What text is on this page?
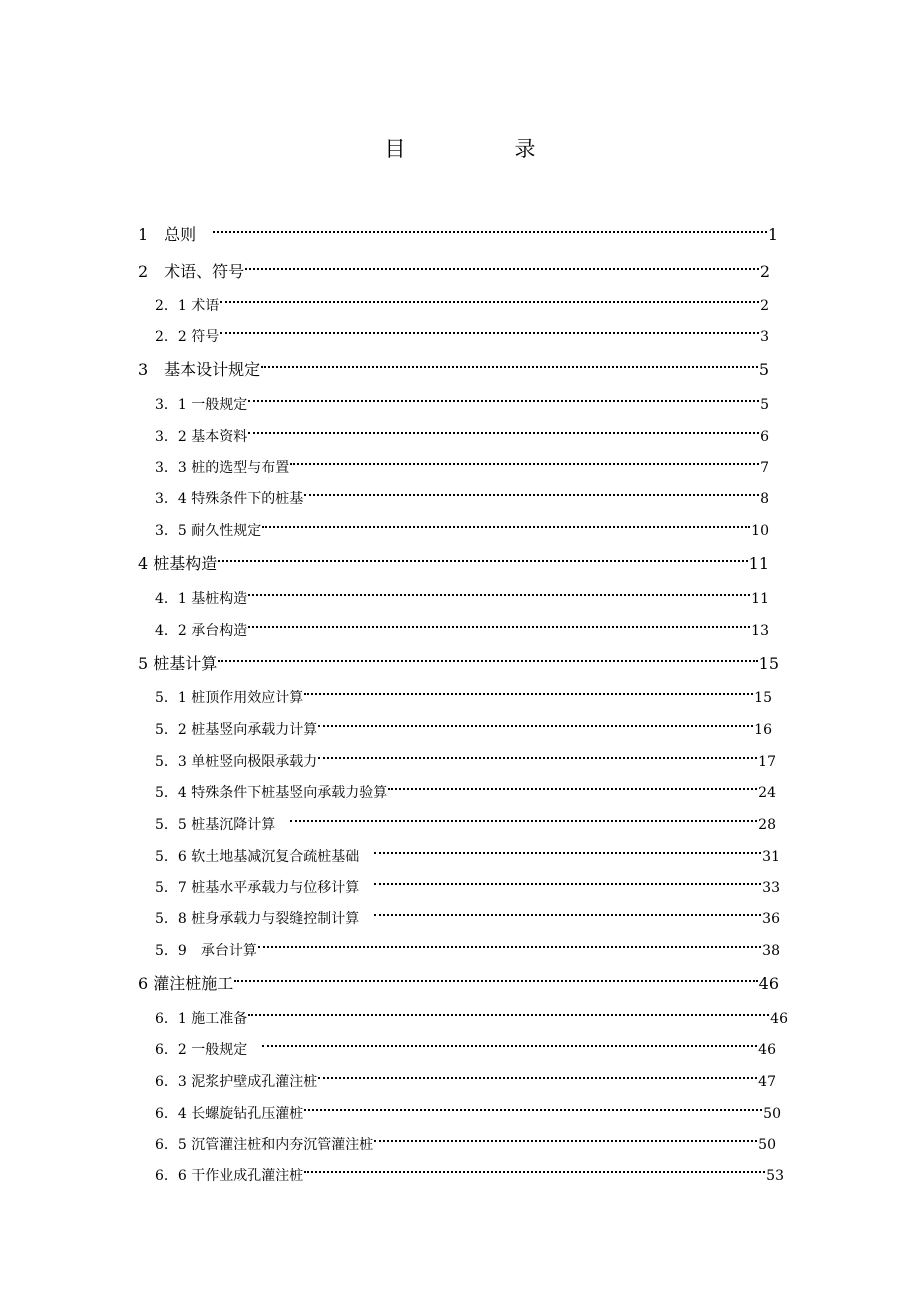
目　录
1　总则　	1
2　术语、符号	2
2．1 术语	2
2．2 符号	3
3　基本设计规定	5
3．1 一般规定	5
3．2 基本资料	6
3．3 桩的选型与布置	7
3．4 特殊条件下的桩基	8
3．5 耐久性规定	10
4 桩基构造	11
4．1 基桩构造	11
4．2 承台构造	13
5 桩基计算	15
5．1 桩顶作用效应计算	15
5．2 桩基竖向承载力计算	16
5．3 单桩竖向极限承载力	17
5．4 特殊条件下桩基竖向承载力验算	24
5．5 桩基沉降计算　	28
5．6 软土地基减沉复合疏桩基础　	31
5．7 桩基水平承载力与位移计算　	33
5．8 桩身承载力与裂缝控制计算　	36
5．9　承台计算	38
6 灌注桩施工	46
6．1 施工准备	46
6．2 一般规定　	46
6．3 泥浆护壁成孔灌注桩	47
6．4 长螺旋钻孔压灌桩	50
6．5 沉管灌注桩和内夯沉管灌注桩	50
6．6 干作业成孔灌注桩	53
